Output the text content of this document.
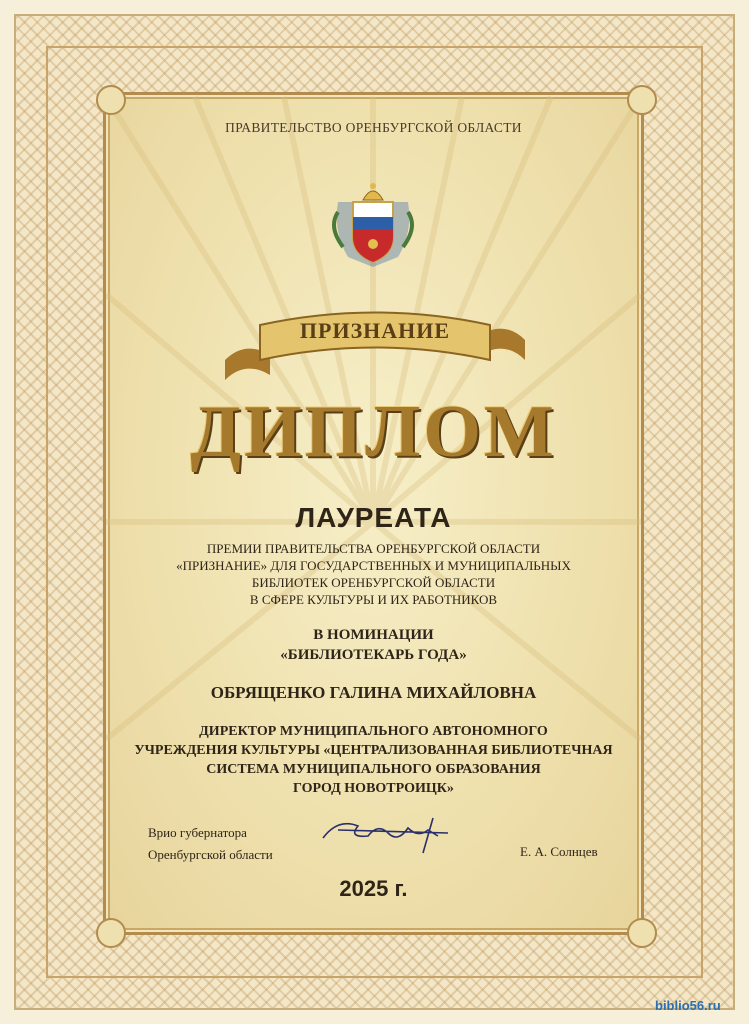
ПРАВИТЕЛЬСТВО ОРЕНБУРГСКОЙ ОБЛАСТИ
ПРИЗНАНИЕ
ДИПЛОМ
ЛАУРЕАТА
ПРЕМИИ ПРАВИТЕЛЬСТВА ОРЕНБУРГСКОЙ ОБЛАСТИ
«ПРИЗНАНИЕ» ДЛЯ ГОСУДАРСТВЕННЫХ И МУНИЦИПАЛЬНЫХ
БИБЛИОТЕК ОРЕНБУРГСКОЙ ОБЛАСТИ
В СФЕРЕ КУЛЬТУРЫ И ИХ РАБОТНИКОВ
В НОМИНАЦИИ
«БИБЛИОТЕКАРЬ ГОДА»
ОБРЯЩЕНКО ГАЛИНА МИХАЙЛОВНА
ДИРЕКТОР МУНИЦИПАЛЬНОГО АВТОНОМНОГО
УЧРЕЖДЕНИЯ КУЛЬТУРЫ «ЦЕНТРАЛИЗОВАННАЯ БИБЛИОТЕЧНАЯ
СИСТЕМА МУНИЦИПАЛЬНОГО ОБРАЗОВАНИЯ
ГОРОД НОВОТРОИЦК»
Врио губернатора
Оренбургской области	Е. А. Солнцев
2025 г.
biblio56.ru
